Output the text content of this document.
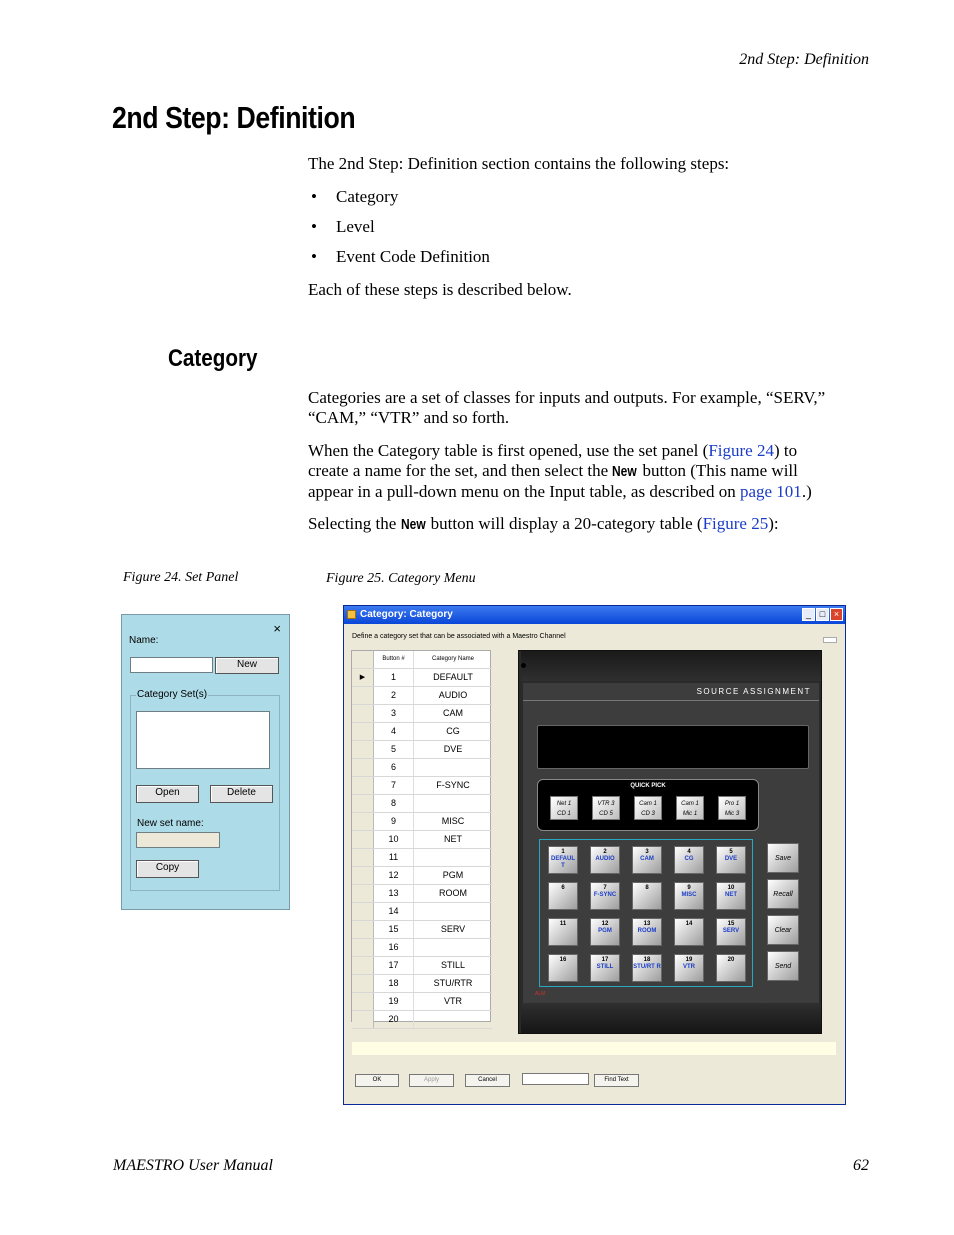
2nd Step: Definition
2nd Step: Definition
The 2nd Step: Definition section contains the following steps:
• Category
• Level
• Event Code Definition
Each of these steps is described below.
Category
Categories are a set of classes for inputs and outputs. For example, “SERV,”
“CAM,” “VTR” and so forth.
When the Category table is first opened, use the set panel (Figure 24) to
create a name for the set, and then select the New button (This name will
appear in a pull-down menu on the Input table, as described on page 101.)
Selecting the New button will display a 20-category table (Figure 25):
Figure 24. Set Panel	Figure 25. Category Menu
Name:
×
New
Category Set(s)
Open	Delete
New set name:
Copy
Category: Category	_ □ ×
Define a category set that can be associated with a Maestro Channel
Button #	Category Name
▶	1	DEFAULT
2	AUDIO
3	CAM
4	CG
5	DVE
6
7	F-SYNC
8
9	MISC
10	NET
11
12	PGM
13	ROOM
14
15	SERV
16
17	STILL
18	STU/RTR
19	VTR
20
SOURCE ASSIGNMENT
QUICK PICK
Net 1
CD 1
VTR 3
CD 5
Cam 1
CD 3
Cam 1
Mic 1
Pro 1
Mic 3
1
DEFAUL T
2
AUDIO
3
CAM
4
CG
5
DVE
6	7
F-SYNC
8	9
MISC
10
NET
11	12
PGM
13
ROOM
14	15
SERV
16	17
STILL
18
STU/RT R
19
VTR
20
Save
Recall
Clear
Send
ALM
OK	Apply	Cancel	Find Text
MAESTRO User Manual	62
